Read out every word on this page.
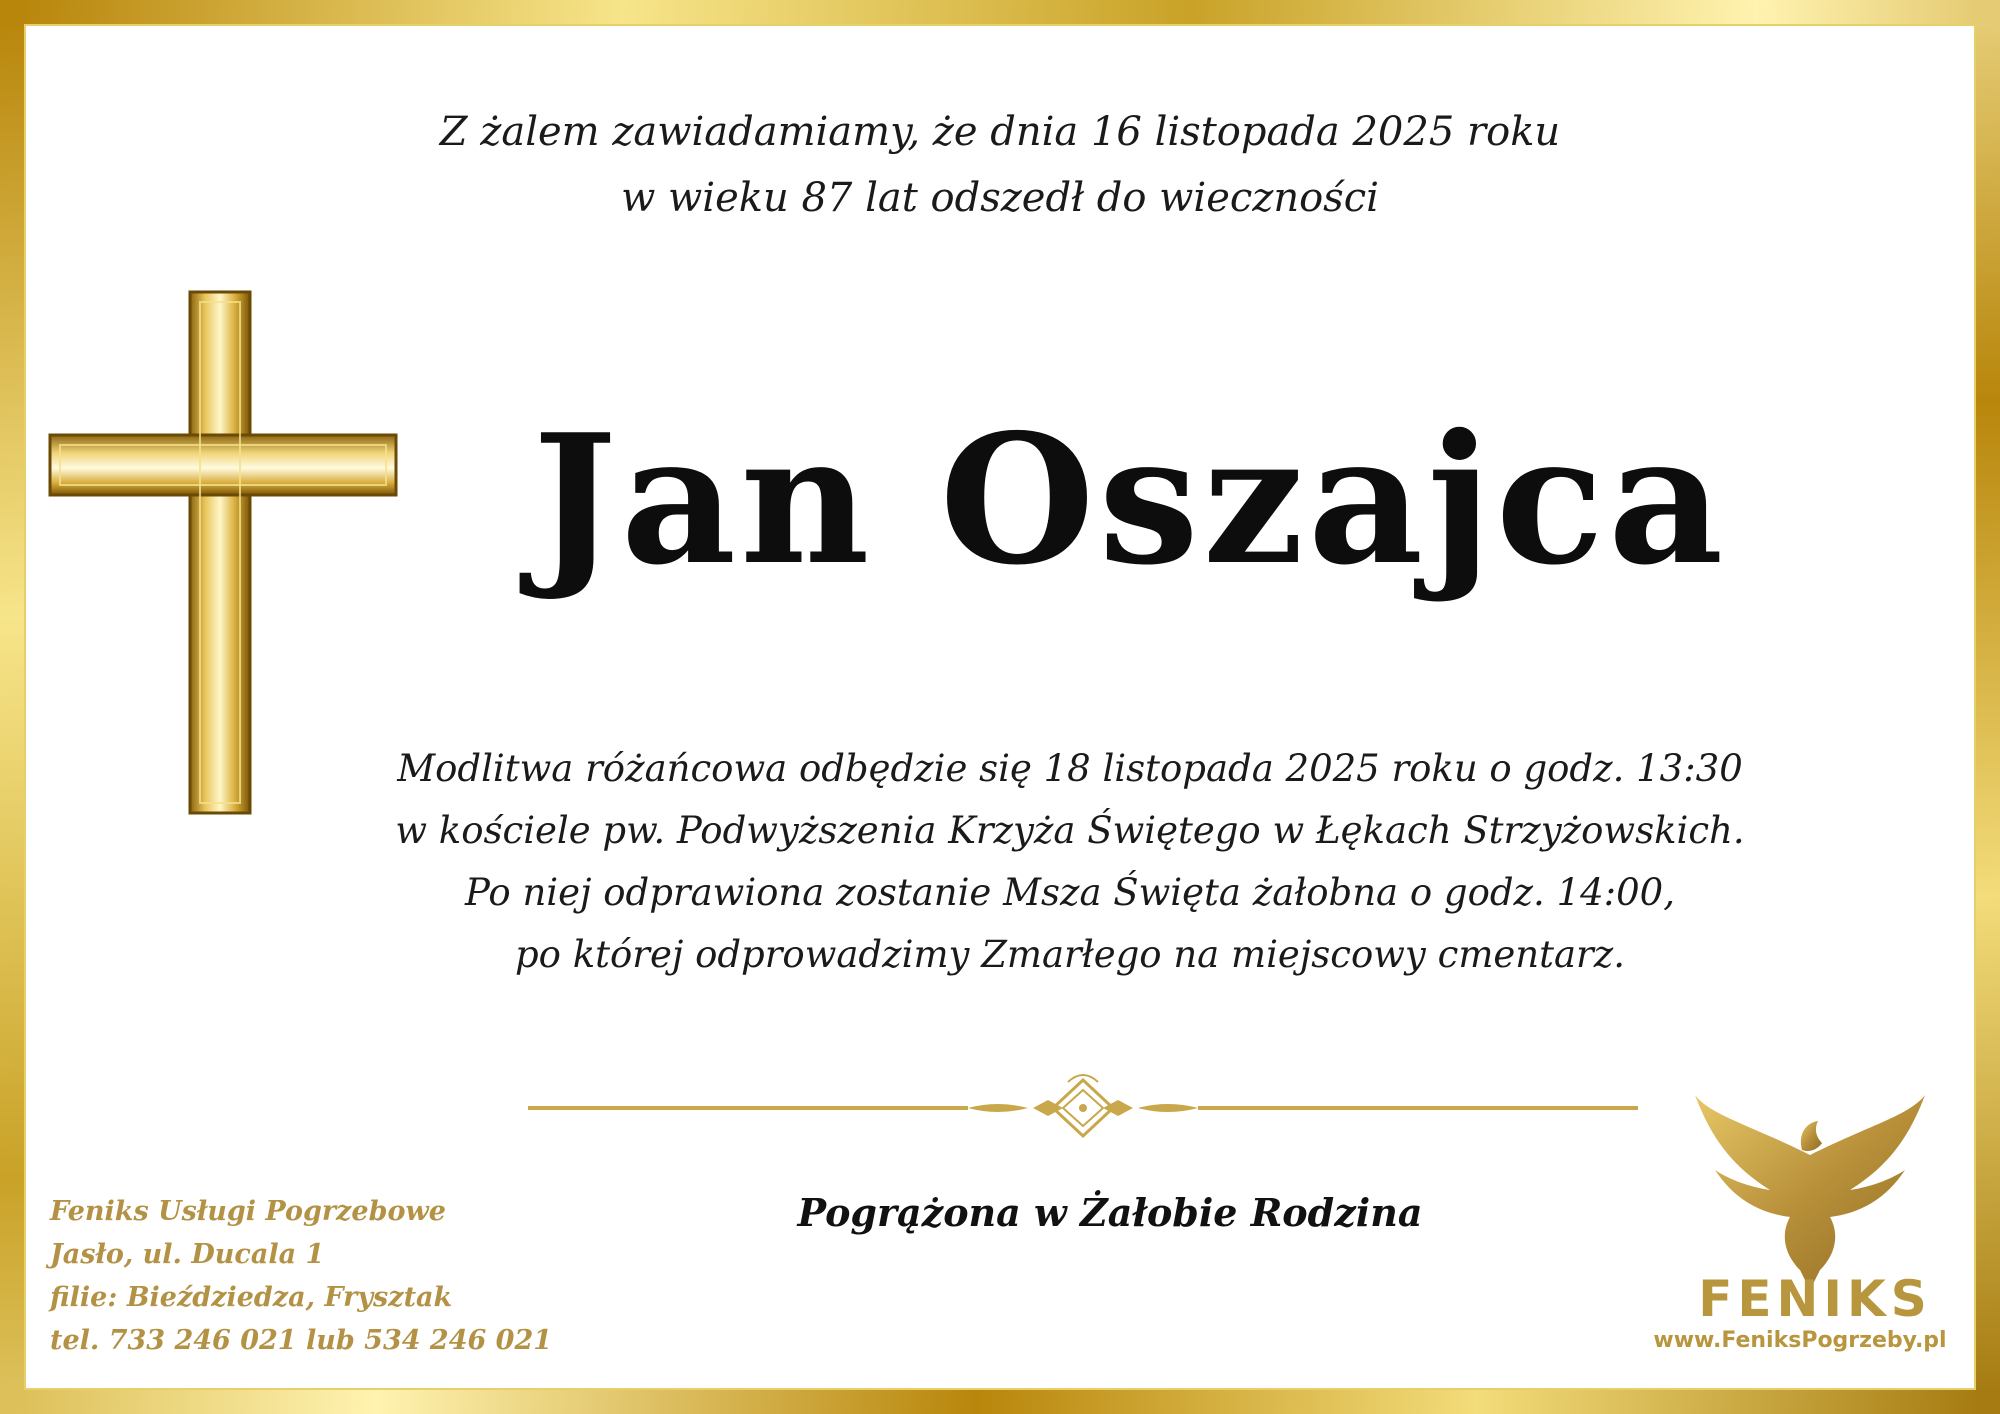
Z żalem zawiadamiamy, że dnia 16 listopada 2025 roku
w wieku 87 lat odszedł do wieczności
Jan Oszajca
Modlitwa różańcowa odbędzie się 18 listopada 2025 roku o godz. 13:30
w kościele pw. Podwyższenia Krzyża Świętego w Łękach Strzyżowskich.
Po niej odprawiona zostanie Msza Święta żałobna o godz. 14:00,
po której odprowadzimy Zmarłego na miejscowy cmentarz.
Pogrążona w Żałobie Rodzina
Feniks Usługi Pogrzebowe
Jasło, ul. Ducala 1
filie: Bieździedza, Frysztak
tel. 733 246 021 lub 534 246 021
FENIKS
www.FeniksPogrzeby.pl
